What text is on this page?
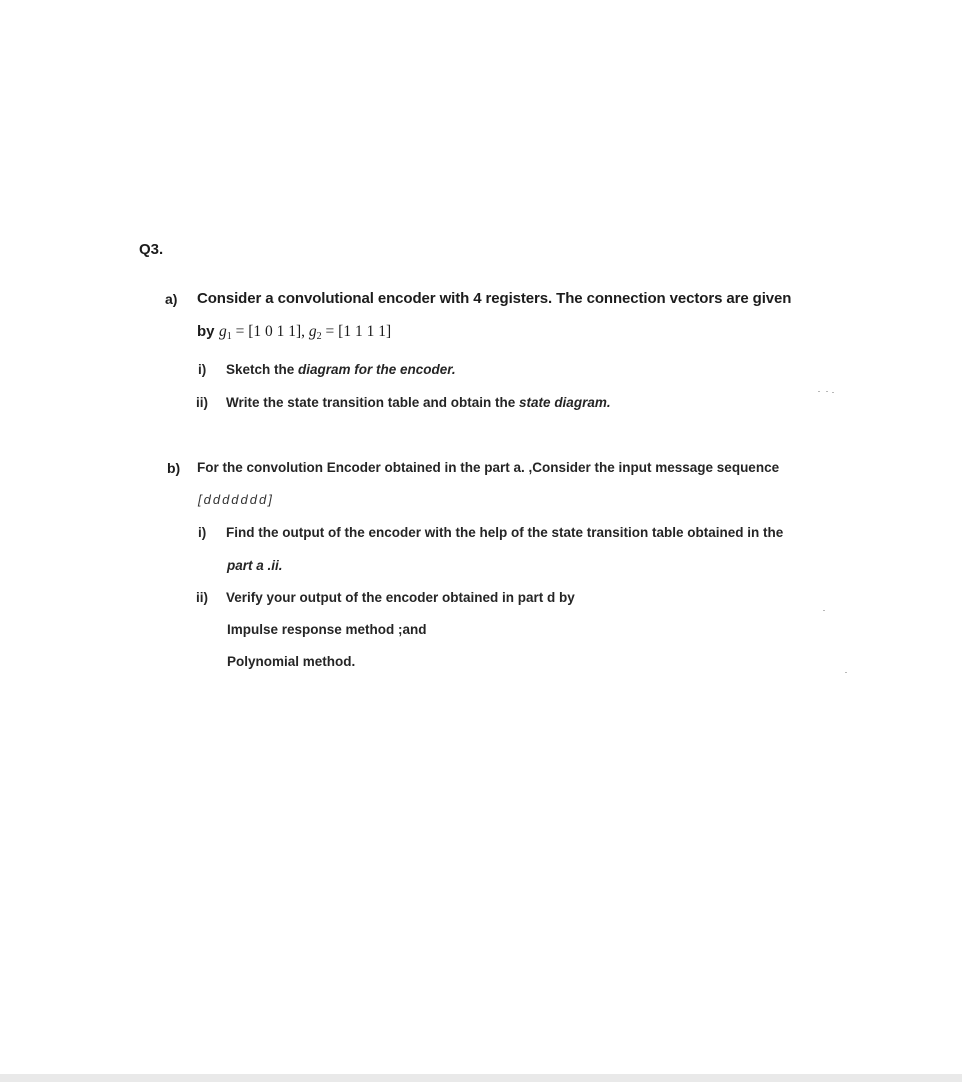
Q3.
a) Consider a convolutional encoder with 4 registers. The connection vectors are given
by $g_1 = [1$ 0 1 1], $g_2 = [1$ 1 1 1]
i) Sketch the diagram for the encoder.
ii) Write the state transition table and obtain the state diagram.
b) For the convolution Encoder obtained in the part a. ,Consider the input message sequence
[ddddddd]
i) Find the output of the encoder with the help of the state transition table obtained in the
part a .ii.
ii) Verify your output of the encoder obtained in part d by
Impulse response method ;and
Polynomial method.
